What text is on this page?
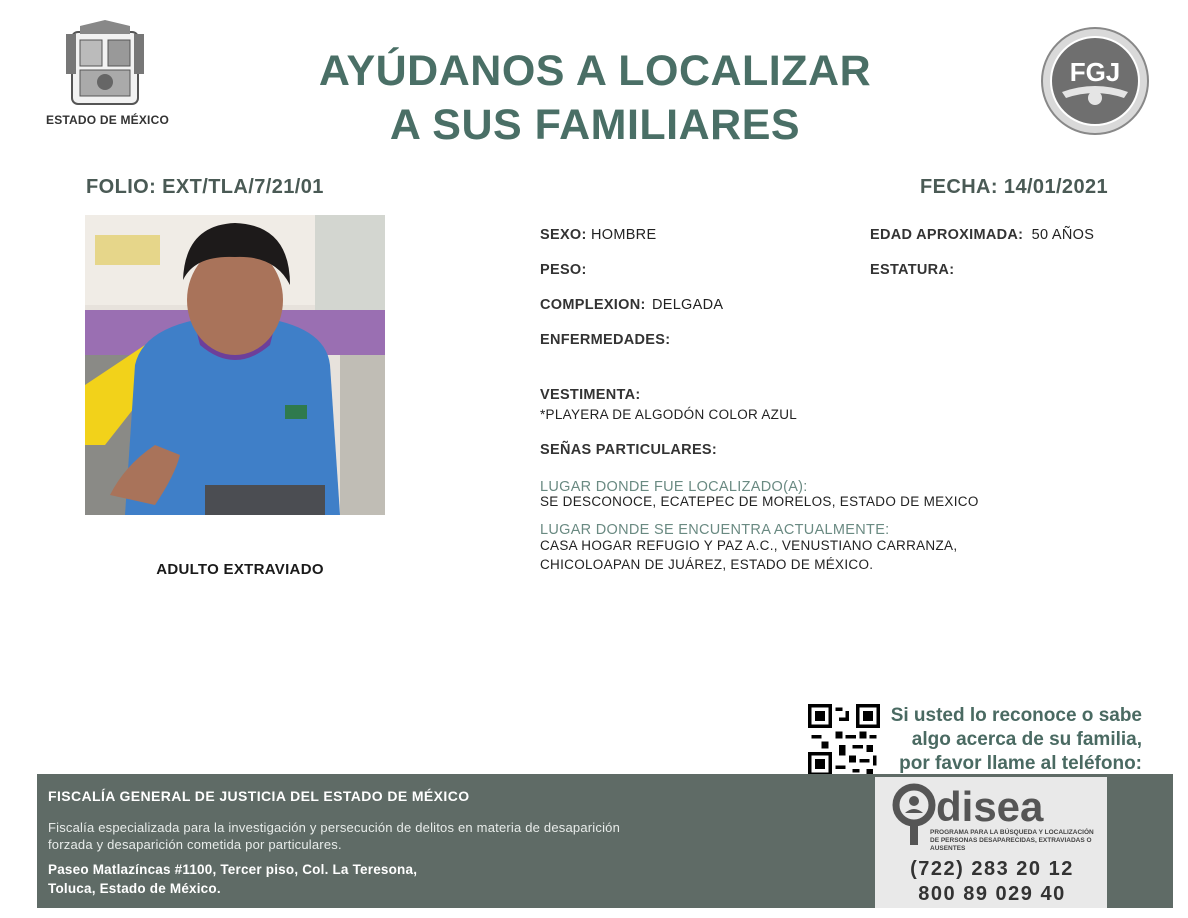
ESTADO DE MÉXICO
AYÚDANOS A LOCALIZAR
A SUS FAMILIARES
FGJ
FOLIO: EXT/TLA/7/21/01	FECHA: 14/01/2021
ADULTO EXTRAVIADO
SEXO: HOMBRE	EDAD APROXIMADA: 50 AÑOS
PESO:	ESTATURA:
COMPLEXION: DELGADA
ENFERMEDADES:
VESTIMENTA:
*PLAYERA DE ALGODÓN COLOR AZUL
SEÑAS PARTICULARES:
LUGAR DONDE FUE LOCALIZADO(A):
SE DESCONOCE, ECATEPEC DE MORELOS, ESTADO DE MEXICO
LUGAR DONDE SE ENCUENTRA ACTUALMENTE:
CASA HOGAR REFUGIO Y PAZ A.C., VENUSTIANO CARRANZA,
CHICOLOAPAN DE JUÁREZ, ESTADO DE MÉXICO.
Si usted lo reconoce o sabe
algo acerca de su familia,
por favor llame al teléfono:
FISCALÍA GENERAL DE JUSTICIA DEL ESTADO DE MÉXICO
Fiscalía especializada para la investigación y persecución de delitos en materia de desaparición forzada y desaparición cometida por particulares.
Paseo Matlazíncas #1100, Tercer piso, Col. La Teresona,
Toluca, Estado de México.
disea
PROGRAMA PARA LA BÚSQUEDA Y LOCALIZACIÓN DE PERSONAS DESAPARECIDAS, EXTRAVIADAS O AUSENTES
(722) 283 20 12
800 89 029 40
